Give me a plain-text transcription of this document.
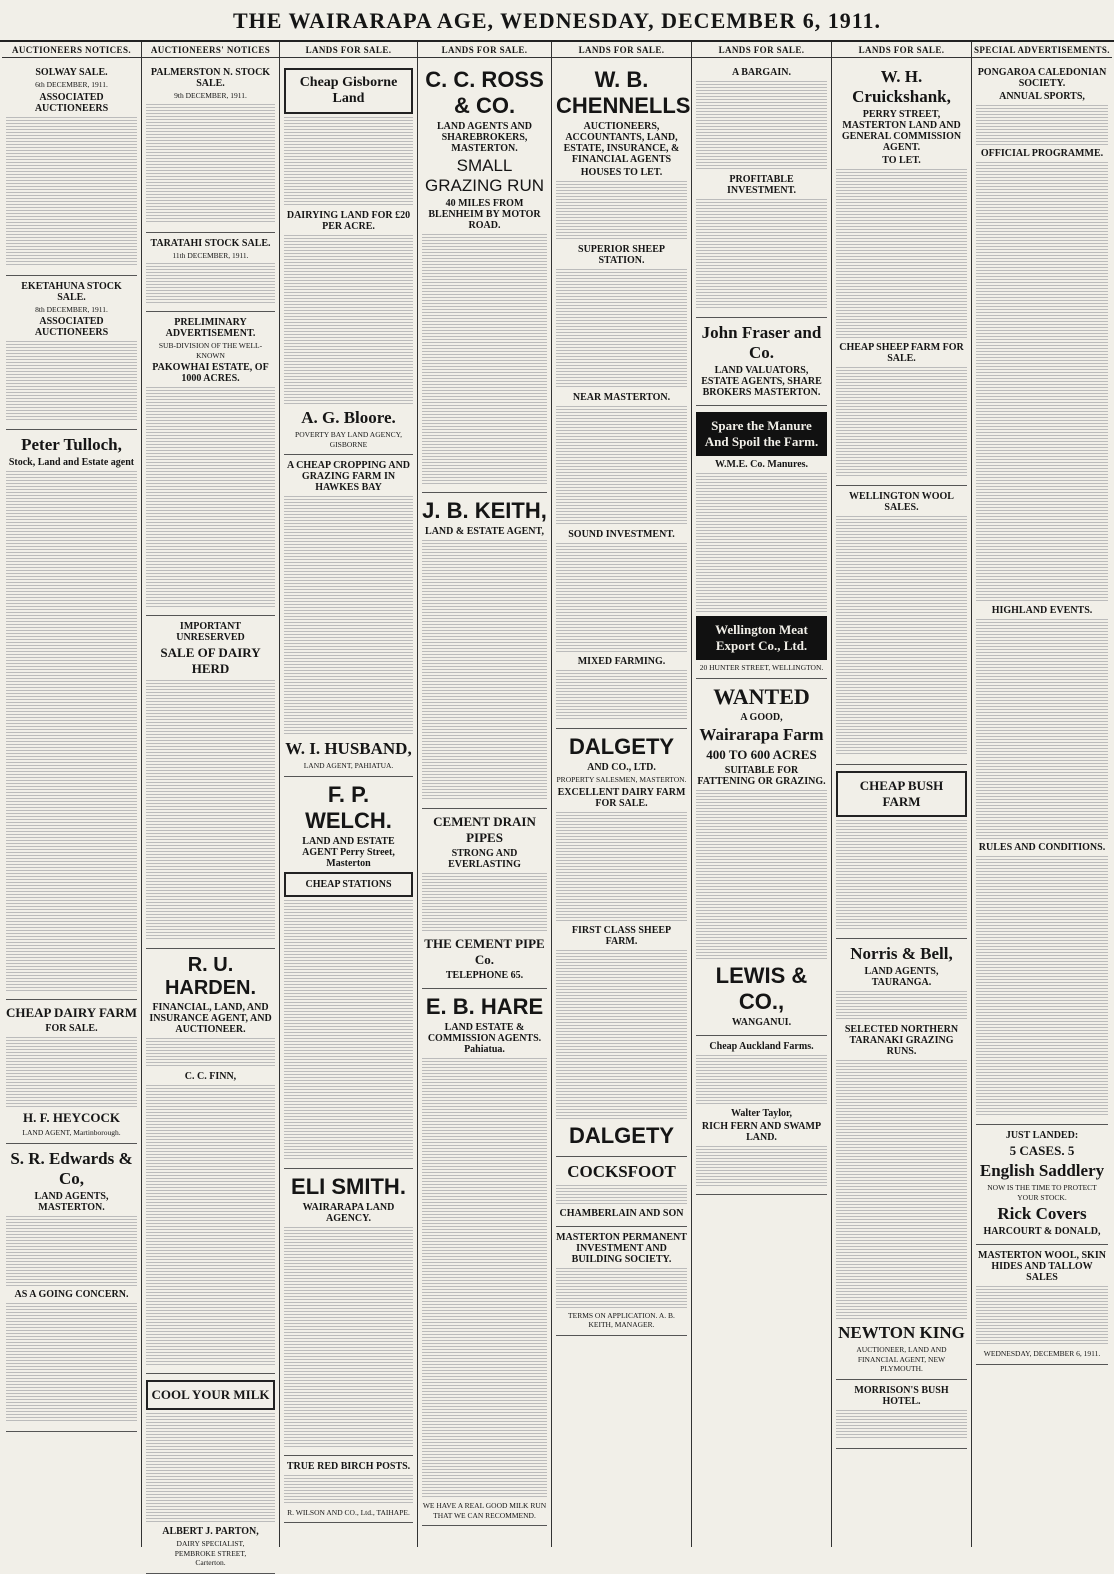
THE WAIRARAPA AGE, WEDNESDAY, DECEMBER 6, 1911.
AUCTIONEERS NOTICES.
SOLWAY SALE.
6th DECEMBER, 1911.
ASSOCIATED AUCTIONEERS
EKETAHUNA STOCK SALE.
8th DECEMBER, 1911.
ASSOCIATED AUCTIONEERS
Peter Tulloch,
Stock, Land and Estate agent
CHEAP DAIRY FARM
FOR SALE.
H. F. HEYCOCK
LAND AGENT, Martinborough.
S. R. Edwards & Co,
LAND AGENTS, MASTERTON.
AS A GOING CONCERN.
AUCTIONEERS' NOTICES
PALMERSTON N. STOCK SALE.
9th DECEMBER, 1911.
TARATAHI STOCK SALE.
11th DECEMBER, 1911.
PRELIMINARY ADVERTISEMENT.
SUB-DIVISION OF THE WELL-KNOWN
PAKOWHAI ESTATE, OF 1000 ACRES.
IMPORTANT UNRESERVED
SALE OF DAIRY HERD
R. U. HARDEN.
FINANCIAL, LAND, AND INSURANCE AGENT, AND AUCTIONEER.
C. C. FINN,
COOL YOUR MILK
ALBERT J. PARTON,
DAIRY SPECIALIST,
PEMBROKE STREET,
Carterton.
LANDS FOR SALE.
Cheap Gisborne Land
DAIRYING LAND FOR £20 PER ACRE.
A. G. Bloore.
POVERTY BAY LAND AGENCY, GISBORNE
A CHEAP CROPPING AND GRAZING FARM IN HAWKES BAY
W. I. HUSBAND,
LAND AGENT, PAHIATUA.
F. P. WELCH.
LAND AND ESTATE AGENT Perry Street, Masterton
CHEAP STATIONS
ELI SMITH.
WAIRARAPA LAND AGENCY.
TRUE RED BIRCH POSTS.
R. WILSON AND CO., Ltd., TAIHAPE.
LANDS FOR SALE.
C. C. ROSS & CO.
LAND AGENTS AND SHAREBROKERS, MASTERTON.
SMALL GRAZING RUN
40 MILES FROM BLENHEIM BY MOTOR ROAD.
J. B. KEITH,
LAND & ESTATE AGENT,
CEMENT DRAIN PIPES
STRONG AND EVERLASTING
THE CEMENT PIPE Co.
TELEPHONE 65.
E. B. HARE
LAND ESTATE & COMMISSION AGENTS. Pahiatua.
WE HAVE A REAL GOOD MILK RUN THAT WE CAN RECOMMEND.
LANDS FOR SALE.
W. B. CHENNELLS
AUCTIONEERS, ACCOUNTANTS, LAND, ESTATE, INSURANCE, & FINANCIAL AGENTS
HOUSES TO LET.
SUPERIOR SHEEP STATION.
NEAR MASTERTON.
SOUND INVESTMENT.
MIXED FARMING.
DALGETY
AND CO., LTD.
PROPERTY SALESMEN, MASTERTON.
EXCELLENT DAIRY FARM FOR SALE.
FIRST CLASS SHEEP FARM.
DALGETY
COCKSFOOT
CHAMBERLAIN AND SON
MASTERTON PERMANENT INVESTMENT AND BUILDING SOCIETY.
TERMS ON APPLICATION. A. B. KEITH, MANAGER.
LANDS FOR SALE.
A BARGAIN.
PROFITABLE INVESTMENT.
John Fraser and Co.
LAND VALUATORS, ESTATE AGENTS, SHARE BROKERS MASTERTON.
Spare the Manure And Spoil the Farm.
W.M.E. Co. Manures.
Wellington Meat Export Co., Ltd.
20 HUNTER STREET, WELLINGTON.
WANTED
A GOOD,
Wairarapa Farm
400 TO 600 ACRES
SUITABLE FOR FATTENING OR GRAZING.
LEWIS & CO.,
WANGANUI.
Cheap Auckland Farms.
Walter Taylor,
RICH FERN AND SWAMP LAND.
LANDS FOR SALE.
W. H. Cruickshank,
PERRY STREET, MASTERTON LAND AND GENERAL COMMISSION AGENT.
TO LET.
CHEAP SHEEP FARM FOR SALE.
WELLINGTON WOOL SALES.
CHEAP BUSH FARM
Norris & Bell,
LAND AGENTS, TAURANGA.
SELECTED NORTHERN TARANAKI GRAZING RUNS.
NEWTON KING
AUCTIONEER, LAND AND FINANCIAL AGENT, NEW PLYMOUTH.
MORRISON'S BUSH HOTEL.
SPECIAL ADVERTISEMENTS.
PONGAROA CALEDONIAN SOCIETY.
ANNUAL SPORTS,
OFFICIAL PROGRAMME.
HIGHLAND EVENTS.
RULES AND CONDITIONS.
JUST LANDED:
5 CASES. 5
English Saddlery
NOW IS THE TIME TO PROTECT YOUR STOCK.
Rick Covers
HARCOURT & DONALD,
MASTERTON WOOL, SKIN HIDES AND TALLOW SALES
WEDNESDAY, DECEMBER 6, 1911.
